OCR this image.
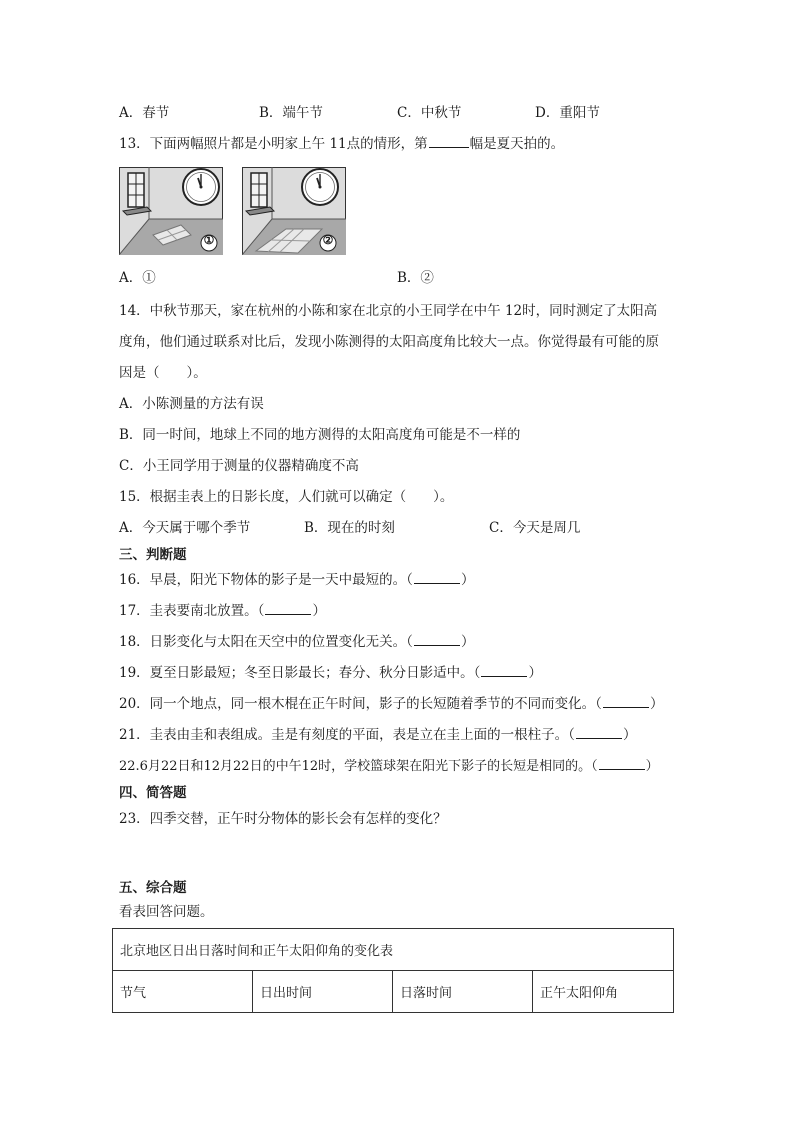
A．春节	B．端午节	C．中秋节	D．重阳节
13．下面两幅照片都是小明家上午 11点的情形，第	幅是夏天拍的。
①	②
A．①	B．②
14．中秋节那天，家在杭州的小陈和家在北京的小王同学在中午 12时，同时测定了太阳高
度角，他们通过联系对比后，发现小陈测得的太阳高度角比较大一点。你觉得最有可能的原
因是（　　）。
A．小陈测量的方法有误
B．同一时间，地球上不同的地方测得的太阳高度角可能是不一样的
C．小王同学用于测量的仪器精确度不高
15．根据圭表上的日影长度，人们就可以确定（　　）。
A．今天属于哪个季节	B．现在的时刻	C．今天是周几
三、判断题
16．早晨，阳光下物体的影子是一天中最短的。（	）
17．圭表要南北放置。（	）
18．日影变化与太阳在天空中的位置变化无关。（	）
19．夏至日影最短；冬至日影最长；春分、秋分日影适中。（	）
20．同一个地点，同一根木棍在正午时间，影子的长短随着季节的不同而变化。（	）
21．圭表由圭和表组成。圭是有刻度的平面，表是立在圭上面的一根柱子。（	）
22.6月22日和12月22日的中午12时，学校篮球架在阳光下影子的长短是相同的。（	）
四、简答题
23．四季交替，正午时分物体的影长会有怎样的变化？
五、综合题
看表回答问题。
北京地区日出日落时间和正午太阳仰角的变化表
节气	日出时间	日落时间	正午太阳仰角
